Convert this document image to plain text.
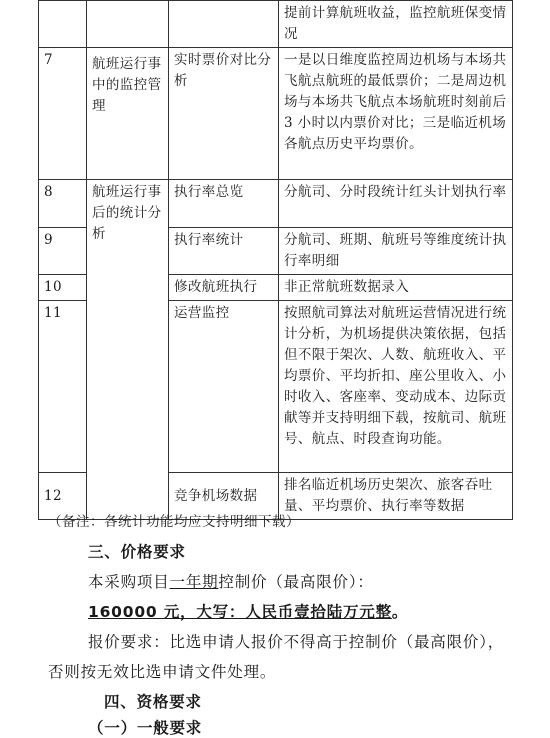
			提前计算航班收益，监控航班保变情况
7	航班运行事中的监控管理	实时票价对比分析	一是以日维度监控周边机场与本场共飞航点航班的最低票价；二是周边机场与本场共飞航点本场航班时刻前后 3 小时以内票价对比；三是临近机场各航点历史平均票价。
8	航班运行事后的统计分析	执行率总览	分航司、分时段统计红头计划执行率
9		执行率统计	分航司、班期、航班号等维度统计执行率明细
10		修改航班执行	非正常航班数据录入
11		运营监控	按照航司算法对航班运营情况进行统计分析，为机场提供决策依据，包括但不限于架次、人数、航班收入、平均票价、平均折扣、座公里收入、小时收入、客座率、变动成本、边际贡献等并支持明细下载，按航司、航班号、航点、时段查询功能。
12		竞争机场数据	排名临近机场历史架次、旅客吞吐量、平均票价、执行率等数据
（备注：各统计功能均应支持明细下载）
三、价格要求
本采购项目一年期控制价（最高限价）：
160000 元，大写：人民币壹拾陆万元整。
报价要求：比选申请人报价不得高于控制价（最高限价），
否则按无效比选申请文件处理。
四、资格要求
（一）一般要求
